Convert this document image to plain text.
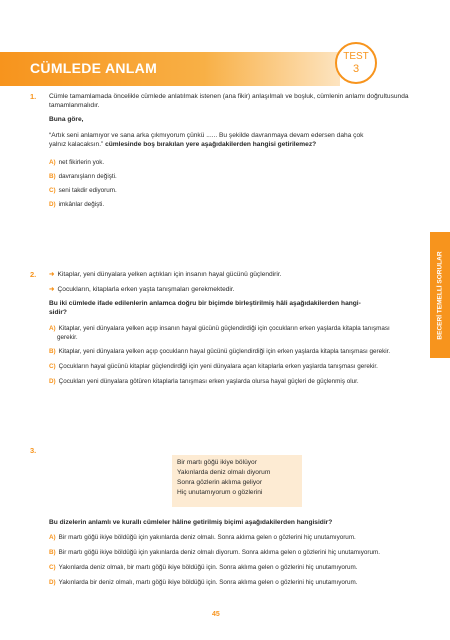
CÜMLEDE ANLAM
TEST
3
BECERİ TEMELLİ SORULAR
1. Cümle tamamlamada öncelikle cümlede anlatılmak istenen (ana fikir) anlaşılmalı ve boşluk, cümlenin anlamı doğrultusunda tamamlanmalıdır.
Buna göre,
“Artık seni anlamıyor ve sana arka çıkmıyorum çünkü ...... Bu şekilde davranmaya devam edersen daha çok
yalnız kalacaksın.” cümlesinde boş bırakılan yere aşağıdakilerden hangisi getirilemez?
A) net fikirlerin yok.
B) davranışların değişti.
C) seni takdir ediyorum.
D) imkânlar değişti.
2. ➜ Kitaplar, yeni dünyalara yelken açtıkları için insanın hayal gücünü güçlendirir.
➜ Çocukların, kitaplarla erken yaşta tanışmaları gerekmektedir.
Bu iki cümlede ifade edilenlerin anlamca doğru bir biçimde birleştirilmiş hâli aşağıdakilerden hangi-
sidir?
A) Kitaplar, yeni dünyalara yelken açıp insanın hayal gücünü güçlendirdiği için çocukların erken yaşlarda kitapla tanışması
gerekir.
B) Kitaplar, yeni dünyalara yelken açıp çocukların hayal gücünü güçlendirdiği için erken yaşlarda kitapla tanışması gerekir.
C) Çocukların hayal gücünü kitaplar güçlendirdiği için yeni dünyalara açan kitaplarla erken yaşlarda tanışması gerekir.
D) Çocukları yeni dünyalara götüren kitaplarla tanışması erken yaşlarda olursa hayal güçleri de güçlenmiş olur.
3.
Bir martı göğü ikiye bölüyor
Yakınlarda deniz olmalı diyorum
Sonra gözlerin aklıma geliyor
Hiç unutamıyorum o gözlerini
Bu dizelerin anlamlı ve kurallı cümleler hâline getirilmiş biçimi aşağıdakilerden hangisidir?
A) Bir martı göğü ikiye böldüğü için yakınlarda deniz olmalı. Sonra aklıma gelen o gözlerini hiç unutamıyorum.
B) Bir martı göğü ikiye böldüğü için yakınlarda deniz olmalı diyorum. Sonra aklıma gelen o gözlerini hiç unutamıyorum.
C) Yakınlarda deniz olmalı, bir martı göğü ikiye böldüğü için. Sonra aklıma gelen o gözlerini hiç unutamıyorum.
D) Yakınlarda bir deniz olmalı, martı göğü ikiye böldüğü için. Sonra aklıma gelen o gözlerini hiç unutamıyorum.
45
